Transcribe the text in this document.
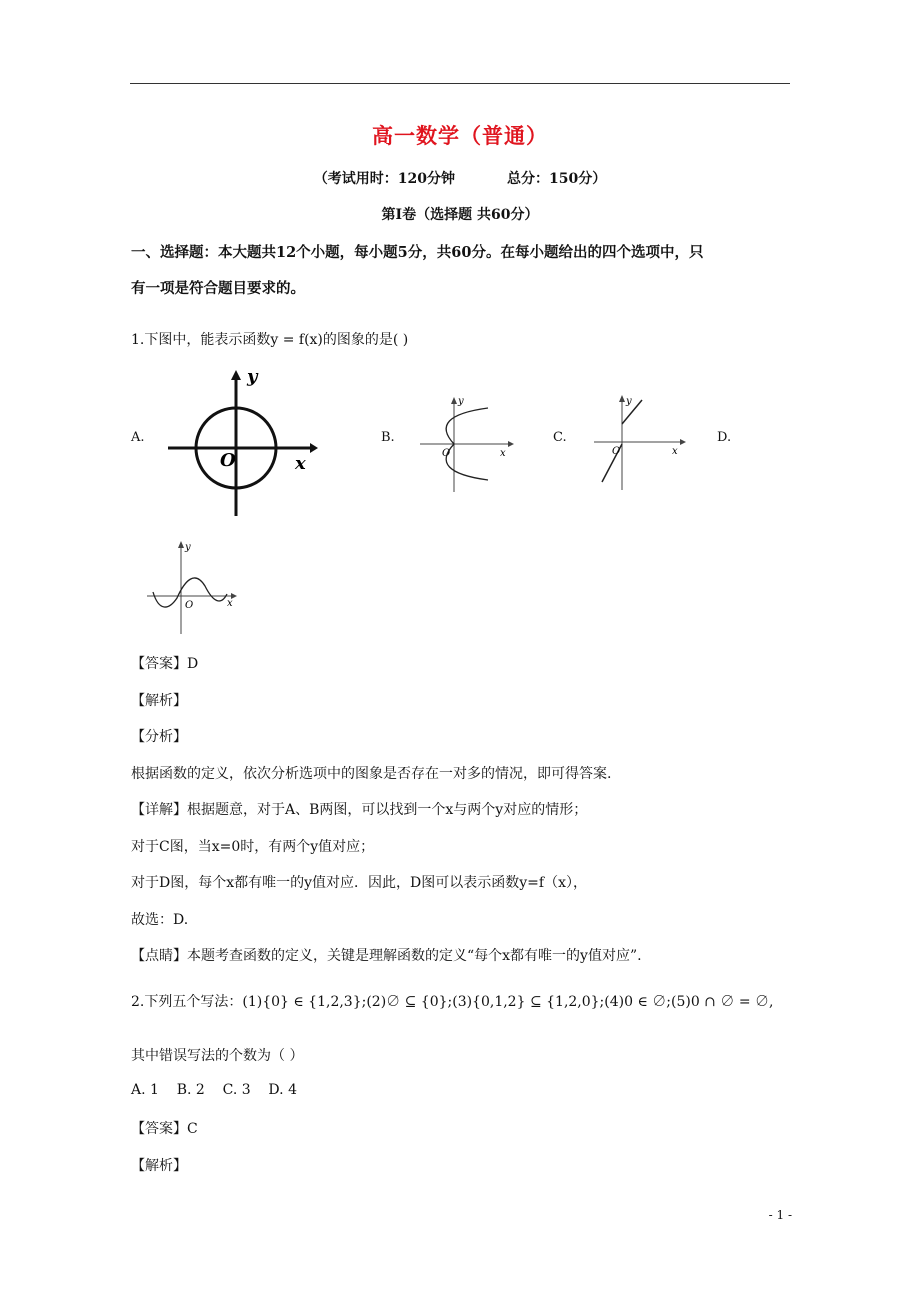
高一数学（普通）
（考试用时：120分钟	总分：150分）
第Ⅰ卷（选择题 共60分）
一、选择题：本大题共12个小题，每小题5分，共60分。在每小题给出的四个选项中，只
有一项是符合题目要求的。
1.下图中，能表示函数y = f(x)的图象的是( )
A.	B.	C.	D.
y
O	x
y
O	x
y
O	x
y
O	x
【答案】D
【解析】
【分析】
根据函数的定义，依次分析选项中的图象是否存在一对多的情况，即可得答案.
【详解】根据题意，对于A、B两图，可以找到一个x与两个y对应的情形；
对于C图，当x=0时，有两个y值对应；
对于D图，每个x都有唯一的y值对应．因此，D图可以表示函数y=f（x），
故选：D.
【点睛】本题考查函数的定义，关键是理解函数的定义“每个x都有唯一的y值对应”.
2.下列五个写法：(1){0} ∈ {1,2,3};(2)∅ ⊆ {0};(3){0,1,2} ⊆ {1,2,0};(4)0 ∈ ∅;(5)0 ∩ ∅ = ∅,
其中错误写法的个数为（ ）
A. 1    B. 2    C. 3    D. 4
【答案】C
【解析】
- 1 -
